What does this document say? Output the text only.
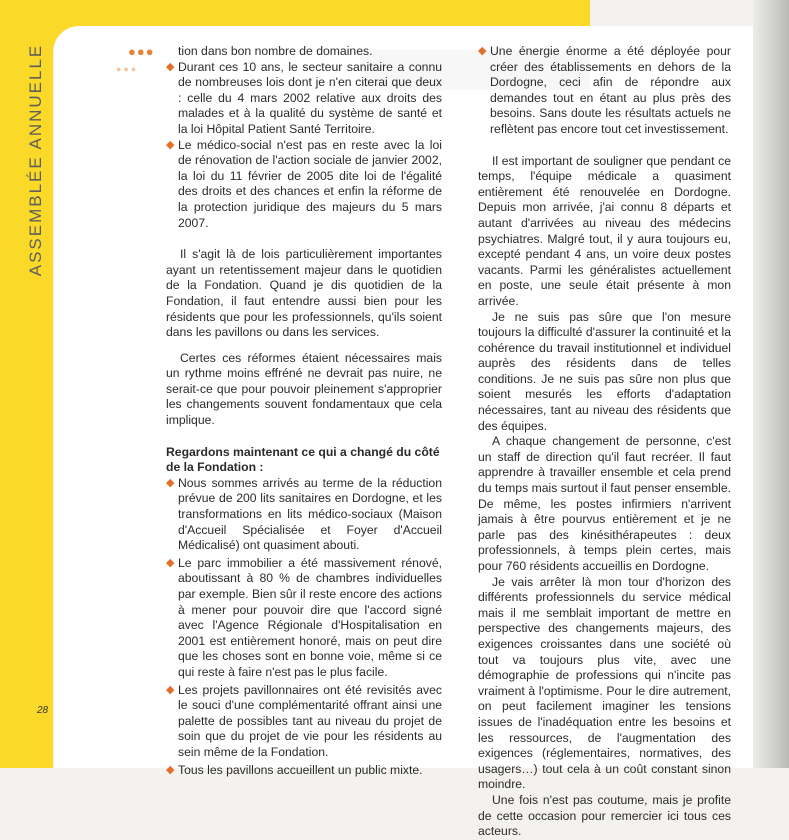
ASSEMBLÉE ANNUELLE
28
●●●
●●●

tion dans bon nombre de domaines.

◆ Durant ces 10 ans, le secteur sanitaire a connu de nombreuses lois dont je n'en citerai que deux : celle du 4 mars 2002 relative aux droits des malades et à la qualité du système de santé et la loi Hôpital Patient Santé Territoire.
◆ Le médico-social n'est pas en reste avec la loi de rénovation de l'action sociale de janvier 2002, la loi du 11 février de 2005 dite loi de l'égalité des droits et des chances et enfin la réforme de la protection juridique des majeurs du 5 mars 2007.

Il s'agit là de lois particulièrement importantes ayant un retentissement majeur dans le quotidien de la Fondation. Quand je dis quotidien de la Fondation, il faut entendre aussi bien pour les résidents que pour les professionnels, qu'ils soient dans les pavillons ou dans les services.

Certes ces réformes étaient nécessaires mais un rythme moins effréné ne devrait pas nuire, ne serait-ce que pour pouvoir pleinement s'approprier les changements souvent fondamentaux que cela implique.

Regardons maintenant ce qui a changé du côté de la Fondation :

◆ Nous sommes arrivés au terme de la réduction prévue de 200 lits sanitaires en Dordogne, et les transformations en lits médico-sociaux (Maison d'Accueil Spécialisée et Foyer d'Accueil Médicalisé) ont quasiment abouti.
◆ Le parc immobilier a été massivement rénové, aboutissant à 80 % de chambres individuelles par exemple. Bien sûr il reste encore des actions à mener pour pouvoir dire que l'accord signé avec l'Agence Régionale d'Hospitalisation en 2001 est entièrement honoré, mais on peut dire que les choses sont en bonne voie, même si ce qui reste à faire n'est pas le plus facile.
◆ Les projets pavillonnaires ont été revisités avec le souci d'une complémentarité offrant ainsi une palette de possibles tant au niveau du projet de soin que du projet de vie pour les résidents au sein même de la Fondation.
◆ Tous les pavillons accueillent un public mixte.
◆ Une énergie énorme a été déployée pour créer des établissements en dehors de la Dordogne, ceci afin de répondre aux demandes tout en étant au plus près des besoins. Sans doute les résultats actuels ne reflètent pas encore tout cet investissement.

Il est important de souligner que pendant ce temps, l'équipe médicale a quasiment entièrement été renouvelée en Dordogne. Depuis mon arrivée, j'ai connu 8 départs et autant d'arrivées au niveau des médecins psychiatres. Malgré tout, il y aura toujours eu, excepté pendant 4 ans, un voire deux postes vacants. Parmi les généralistes actuellement en poste, une seule était présente à mon arrivée.

Je ne suis pas sûre que l'on mesure toujours la difficulté d'assurer la continuité et la cohérence du travail institutionnel et individuel auprès des résidents dans de telles conditions. Je ne suis pas sûre non plus que soient mesurés les efforts d'adaptation nécessaires, tant au niveau des résidents que des équipes.

A chaque changement de personne, c'est un staff de direction qu'il faut recréer. Il faut apprendre à travailler ensemble et cela prend du temps mais surtout il faut penser ensemble. De même, les postes infirmiers n'arrivent jamais à être pourvus entièrement et je ne parle pas des kinésithérapeutes : deux professionnels, à temps plein certes, mais pour 760 résidents accueillis en Dordogne.

Je vais arrêter là mon tour d'horizon des différents professionnels du service médical mais il me semblait important de mettre en perspective des changements majeurs, des exigences croissantes dans une société où tout va toujours plus vite, avec une démographie de professions qui n'incite pas vraiment à l'optimisme. Pour le dire autrement, on peut facilement imaginer les tensions issues de l'inadéquation entre les besoins et les ressources, de l'augmentation des exigences (réglementaires, normatives, des usagers…) tout cela à un coût constant sinon moindre.

Une fois n'est pas coutume, mais je profite de cette occasion pour remercier ici tous ces acteurs.
